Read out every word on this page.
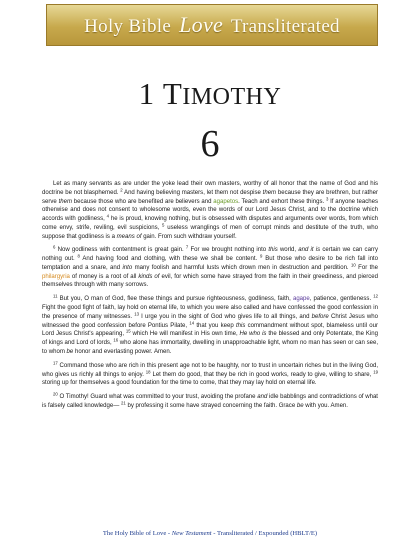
Holy Bible Love Transliterated
1 TIMOTHY
6

Let as many servants as are under the yoke lead their own masters, worthy of all honor that the name of God and his doctrine be not blasphemed. $^2$ And having believing masters, let them not despise them because they are brethren, but rather serve them because those who are benefited are believers and agapetos. Teach and exhort these things. $^3$ If anyone teaches otherwise and does not consent to wholesome words, even the words of our Lord Jesus Christ, and to the doctrine which accords with godliness, $^4$ he is proud, knowing nothing, but is obsessed with disputes and arguments over words, from which come envy, strife, reviling, evil suspicions, $^5$ useless wranglings of men of corrupt minds and destitute of the truth, who suppose that godliness is a means of gain. From such withdraw yourself.

$^6$ Now godliness with contentment is great gain. $^7$ For we brought nothing into this world, and it is certain we can carry nothing out. $^8$ And having food and clothing, with these we shall be content. $^9$ But those who desire to be rich fall into temptation and a snare, and into many foolish and harmful lusts which drown men in destruction and perdition. $^{10}$ For the philargyria of money is a root of all kinds of evil, for which some have strayed from the faith in their greediness, and pierced themselves through with many sorrows.

$^{11}$ But you, O man of God, flee these things and pursue righteousness, godliness, faith, agape, patience, gentleness. $^{12}$ Fight the good fight of faith, lay hold on eternal life, to which you were also called and have confessed the good confession in the presence of many witnesses. $^{13}$ I urge you in the sight of God who gives life to all things, and before Christ Jesus who witnessed the good confession before Pontius Pilate, $^{14}$ that you keep this commandment without spot, blameless until our Lord Jesus Christ's appearing, $^{15}$ which He will manifest in His own time, He who is the blessed and only Potentate, the King of kings and Lord of lords, $^{16}$ who alone has immortality, dwelling in unapproachable light, whom no man has seen or can see, to whom be honor and everlasting power. Amen.

$^{17}$ Command those who are rich in this present age not to be haughty, nor to trust in uncertain riches but in the living God, who gives us richly all things to enjoy. $^{18}$ Let them do good, that they be rich in good works, ready to give, willing to share, $^{19}$ storing up for themselves a good foundation for the time to come, that they may lay hold on eternal life.

$^{20}$ O Timothy! Guard what was committed to your trust, avoiding the profane and idle babblings and contradictions of what is falsely called knowledge— $^{21}$ by professing it some have strayed concerning the faith. Grace be with you. Amen.

The Holy Bible of Love - New Testament - Transliterated / Expounded (HBLT/E)
